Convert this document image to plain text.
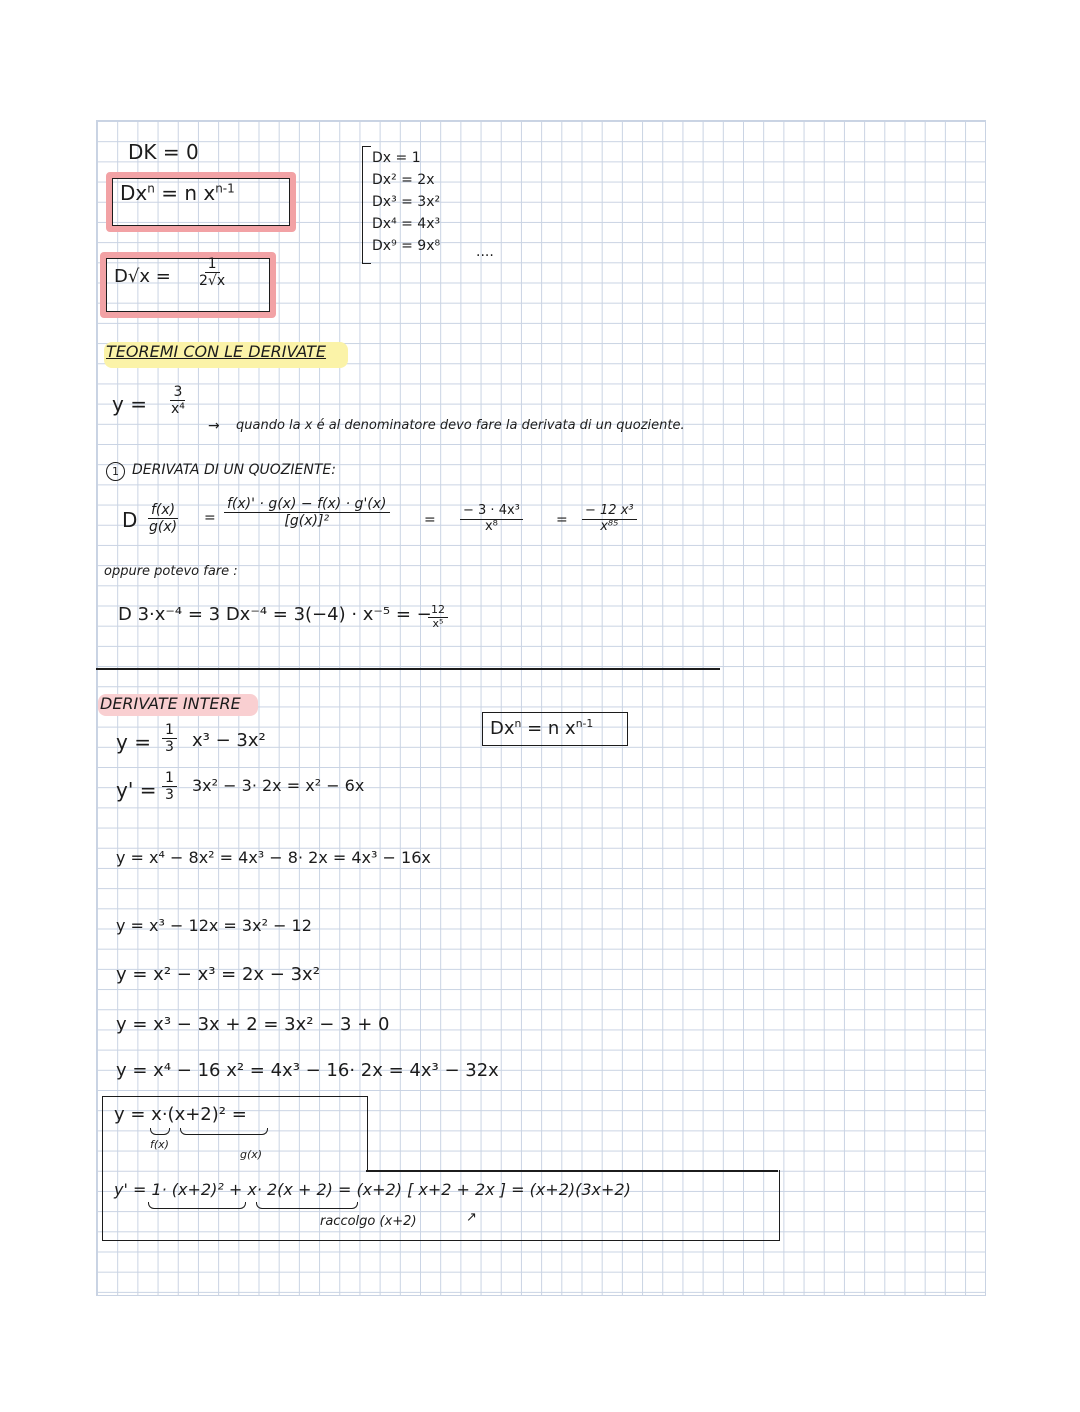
DK = 0
$Dx^n = n$ $x^{n-1}$
$D√x = \frac{1}{2√x}$
Dx = 1
Dx² = 2x
Dx³ = 3x²
Dx⁴ = 4x³
Dx⁹ = 9x⁸	....
TEOREMI CON LE DERIVATE
$y = \frac{3}{\text{x⁴}}$
→ quando la x é al denominatore devo fare la derivata di un quoziente.
1 DERIVATA DI UN QUOZIENTE:
D $\frac{f(x)}{g(x)} = \frac{f(x)' \cdot g(x) - f(x) \cdot g'(x)}{\text{[g(x)]²}} = \frac{\text{− 3 · 4x³}}{\text{x⁸}} = \frac{\text{− 12 x³}}{\text{x⁸⁵}}$
oppure potevo fare :
D 3·x⁻⁴ = 3 Dx⁻⁴ = 3(−4) · x⁻⁵ = −
$\frac{12}{\text{x⁵}}$
DERIVATE INTERE
$Dx^n = n$ $x^{n-1}$
$y = \frac{1}{3} x^3 - 3x^2$
$y' = \frac{1}{3} 3x^2 - 3\cdot 2x = x^2 - 6x$
y = x⁴ − 8x² = 4x³ − 8· 2x = 4x³ − 16x
y = x³ − 12x = 3x² − 12
y = x² − x³ = 2x − 3x²
y = x³ − 3x + 2 = 3x² − 3 + 0
y = x⁴ − 16 x² = 4x³ − 16· 2x = 4x³ − 32x
y = x·(x+2)² =
f(x)
g(x)
y' = 1· (x+2)² + x· 2(x + 2) = (x+2) [ x+2 + 2x ] = (x+2)(3x+2)
raccolgo (x+2)	↗
